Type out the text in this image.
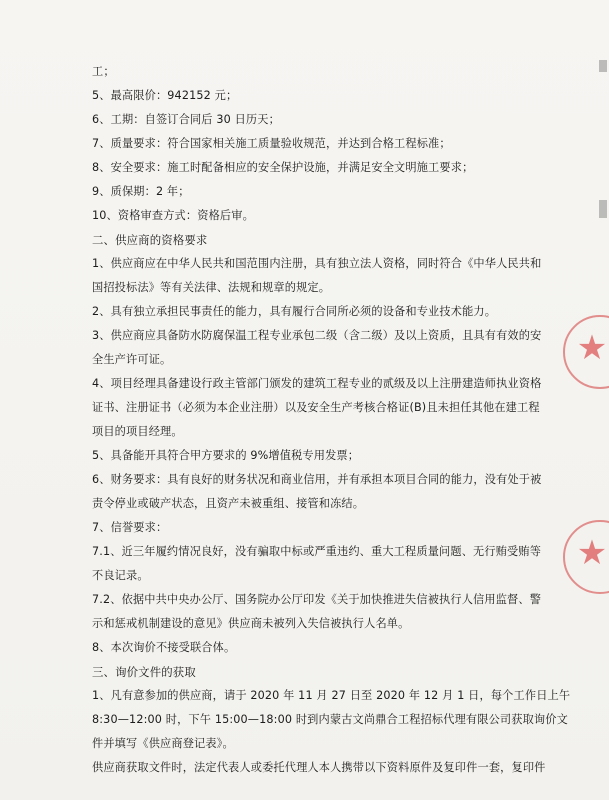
工；
5、最高限价：942152 元；
6、工期：自签订合同后 30 日历天；
7、质量要求：符合国家相关施工质量验收规范，并达到合格工程标准；
8、安全要求：施工时配备相应的安全保护设施，并满足安全文明施工要求；
9、质保期：2 年；
10、资格审查方式：资格后审。
二、供应商的资格要求
1、供应商应在中华人民共和国范围内注册，具有独立法人资格，同时符合《中华人民共和
国招投标法》等有关法律、法规和规章的规定。
2、具有独立承担民事责任的能力，具有履行合同所必须的设备和专业技术能力。
3、供应商应具备防水防腐保温工程专业承包二级（含二级）及以上资质，且具有有效的安
全生产许可证。
4、项目经理具备建设行政主管部门颁发的建筑工程专业的贰级及以上注册建造师执业资格
证书、注册证书（必须为本企业注册）以及安全生产考核合格证(B)且未担任其他在建工程
项目的项目经理。
5、具备能开具符合甲方要求的 9%增值税专用发票；
6、财务要求：具有良好的财务状况和商业信用，并有承担本项目合同的能力，没有处于被
责令停业或破产状态，且资产未被重组、接管和冻结。
7、信誉要求：
7.1、近三年履约情况良好，没有骗取中标或严重违约、重大工程质量问题、无行贿受贿等
不良记录。
7.2、依据中共中央办公厅、国务院办公厅印发《关于加快推进失信被执行人信用监督、警
示和惩戒机制建设的意见》供应商未被列入失信被执行人名单。
8、本次询价不接受联合体。
三、询价文件的获取
1、凡有意参加的供应商，请于 2020 年 11 月 27 日至 2020 年 12 月 1 日，每个工作日上午
8:30—12:00 时，下午 15:00—18:00 时到内蒙古文尚鼎合工程招标代理有限公司获取询价文
件并填写《供应商登记表》。
供应商获取文件时，法定代表人或委托代理人本人携带以下资料原件及复印件一套，复印件
★
★
